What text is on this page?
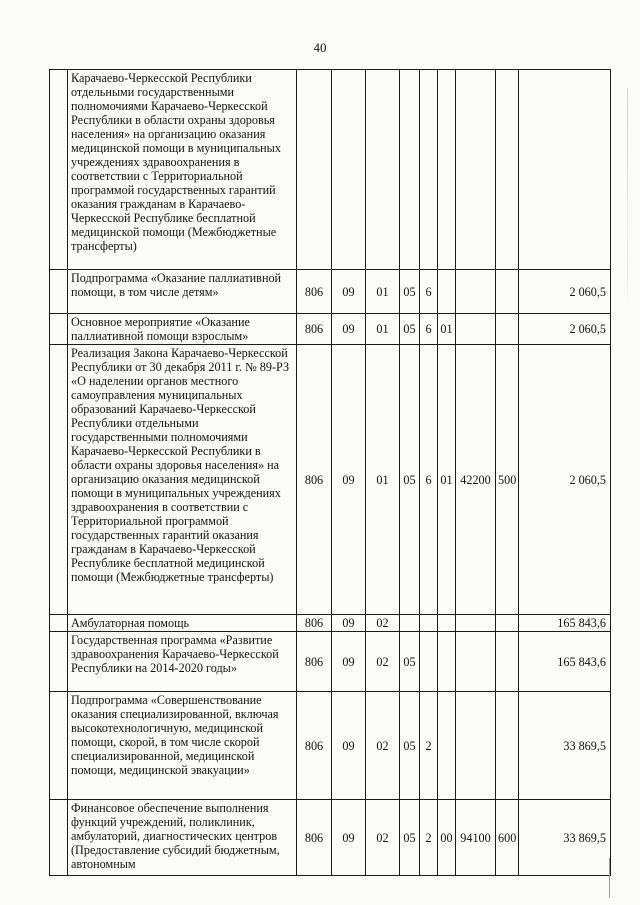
40
	Карачаево-Черкесской Республики отдельными государственными полномочиями Карачаево-Черкесской Республики в области охраны здоровья населения» на организацию оказания медицинской помощи в муниципальных учреждениях здравоохранения в соответствии с Территориальной программой государственных гарантий оказания гражданам в Карачаево-Черкесской Республике бесплатной медицинской помощи (Межбюджетные трансферты)									
	Подпрограмма «Оказание паллиативной помощи, в том числе детям»	806	09	01	05	6				2 060,5
	Основное мероприятие «Оказание паллиативной помощи взрослым»	806	09	01	05	6	01			2 060,5
	Реализация Закона Карачаево-Черкесской Республики от 30 декабря 2011 г. № 89-РЗ «О наделении органов местного самоуправления муниципальных образований Карачаево-Черкесской Республики отдельными государственными полномочиями Карачаево-Черкесской Республики в области охраны здоровья населения» на организацию оказания медицинской помощи в муниципальных учреждениях здравоохранения в соответствии с Территориальной программой государственных гарантий оказания гражданам в Карачаево-Черкесской Республике бесплатной медицинской помощи (Межбюджетные трансферты)	806	09	01	05	6	01	42200	500	2 060,5
	Амбулаторная помощь	806	09	02						165 843,6
	Государственная программа «Развитие здравоохранения Карачаево-Черкесской Республики на 2014-2020 годы»	806	09	02	05					165 843,6
	Подпрограмма «Совершенствование оказания специализированной, включая высокотехнологичную, медицинской помощи, скорой, в том числе скорой специализированной, медицинской помощи, медицинской эвакуации»	806	09	02	05	2				33 869,5
	Финансовое обеспечение выполнения функций учреждений, поликлиник, амбулаторий, диагностических центров (Предоставление субсидий бюджетным, автономным	806	09	02	05	2	00	94100	600	33 869,5
